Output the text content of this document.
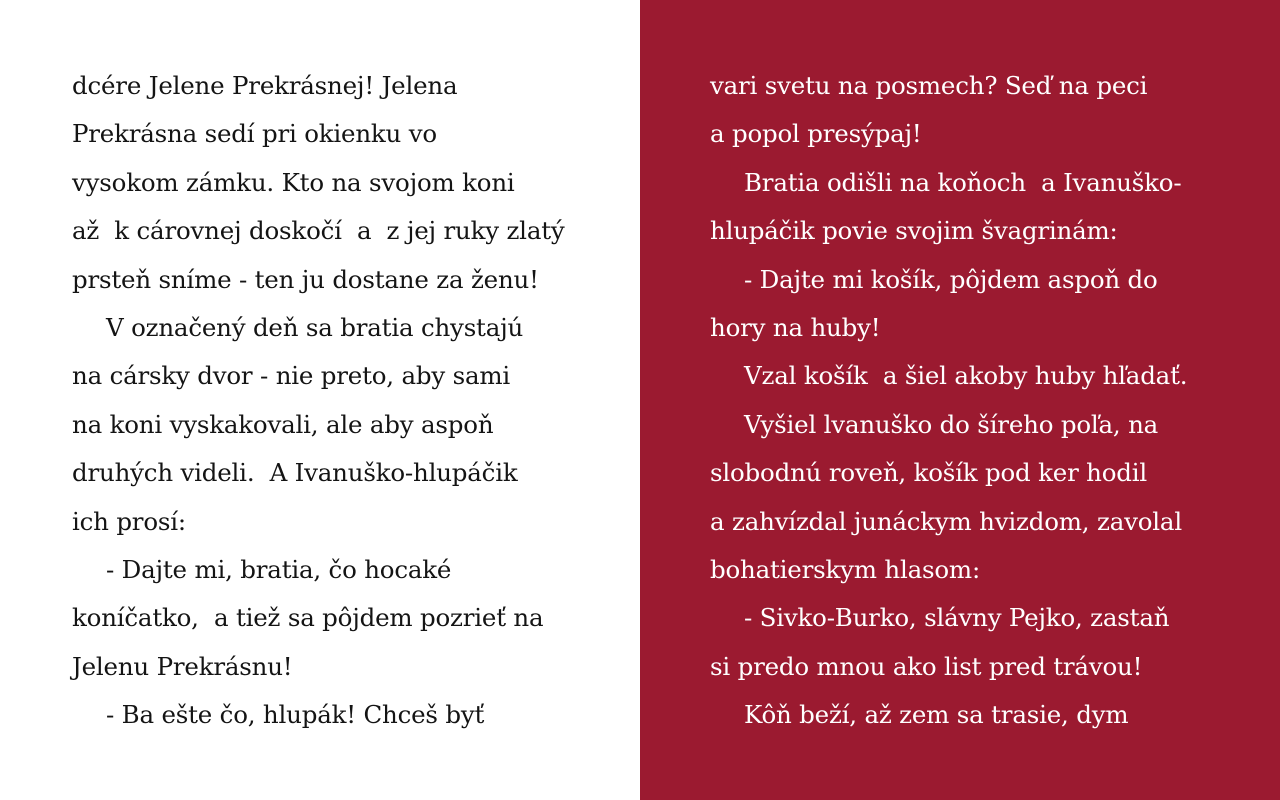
dcére Jelene Prekrásnej! Jelena
Prekrásna sedí pri okienku vo
vysokom zámku. Kto na svojom koni
až  k cárovnej doskočí  a  z jej ruky zlatý
prsteň snímе - ten ju dostane za ženu!
V označený deň sa bratia chystajú
na cársky dvor - nie preto, aby sami
na koni vyskakovali, ale aby aspoň
druhých videli.  A Ivanuško-hlupáčik
ich prosí:
- Dajte mi, bratia, čo hocaké
koníčatko,  a tiež sa pôjdem pozrieť na
Jelenu Prekrásnu!
- Ba ešte čo, hlupák! Chceš byť
vari svetu na posmech? Seď na peci
a popol presýpaj!
Bratia odišli na koňoch  a Ivanuško-
hlupáčik povie svojim švagrinám:
- Dajte mi košík, pôjdem aspoň do
hory na huby!
Vzal košík  a šiel akoby huby hľadať.
Vyšiel lvanuško do šíreho poľa, na
slobodnú roveň, košík pod ker hodil
a zahvízdal junáckym hvizdom, zavolal
bohatierskym hlasom:
- Sivko-Burko, slávny Pejko, zastaň
si predo mnou ako list pred trávou!
Kôň beží, až zem sa trasie, dym
